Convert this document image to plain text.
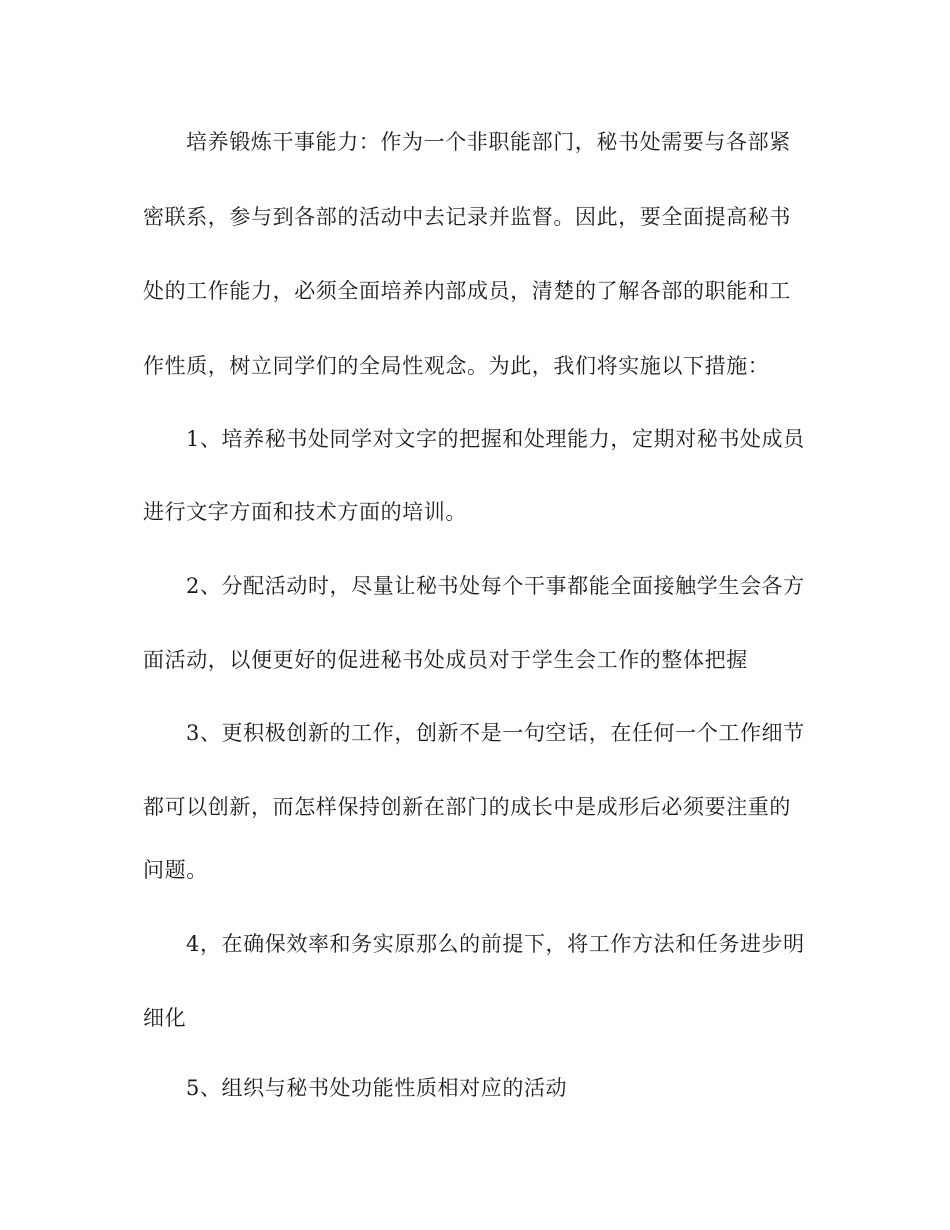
培养锻炼干事能力：作为一个非职能部门，秘书处需要与各部紧
密联系，参与到各部的活动中去记录并监督。因此，要全面提高秘书
处的工作能力，必须全面培养内部成员，清楚的了解各部的职能和工
作性质，树立同学们的全局性观念。为此，我们将实施以下措施：
1、培养秘书处同学对文字的把握和处理能力，定期对秘书处成员
进行文字方面和技术方面的培训。
2、分配活动时，尽量让秘书处每个干事都能全面接触学生会各方
面活动，以便更好的促进秘书处成员对于学生会工作的整体把握
3、更积极创新的工作，创新不是一句空话，在任何一个工作细节
都可以创新，而怎样保持创新在部门的成长中是成形后必须要注重的
问题。
4，在确保效率和务实原那么的前提下，将工作方法和任务进步明
细化
5、组织与秘书处功能性质相对应的活动
